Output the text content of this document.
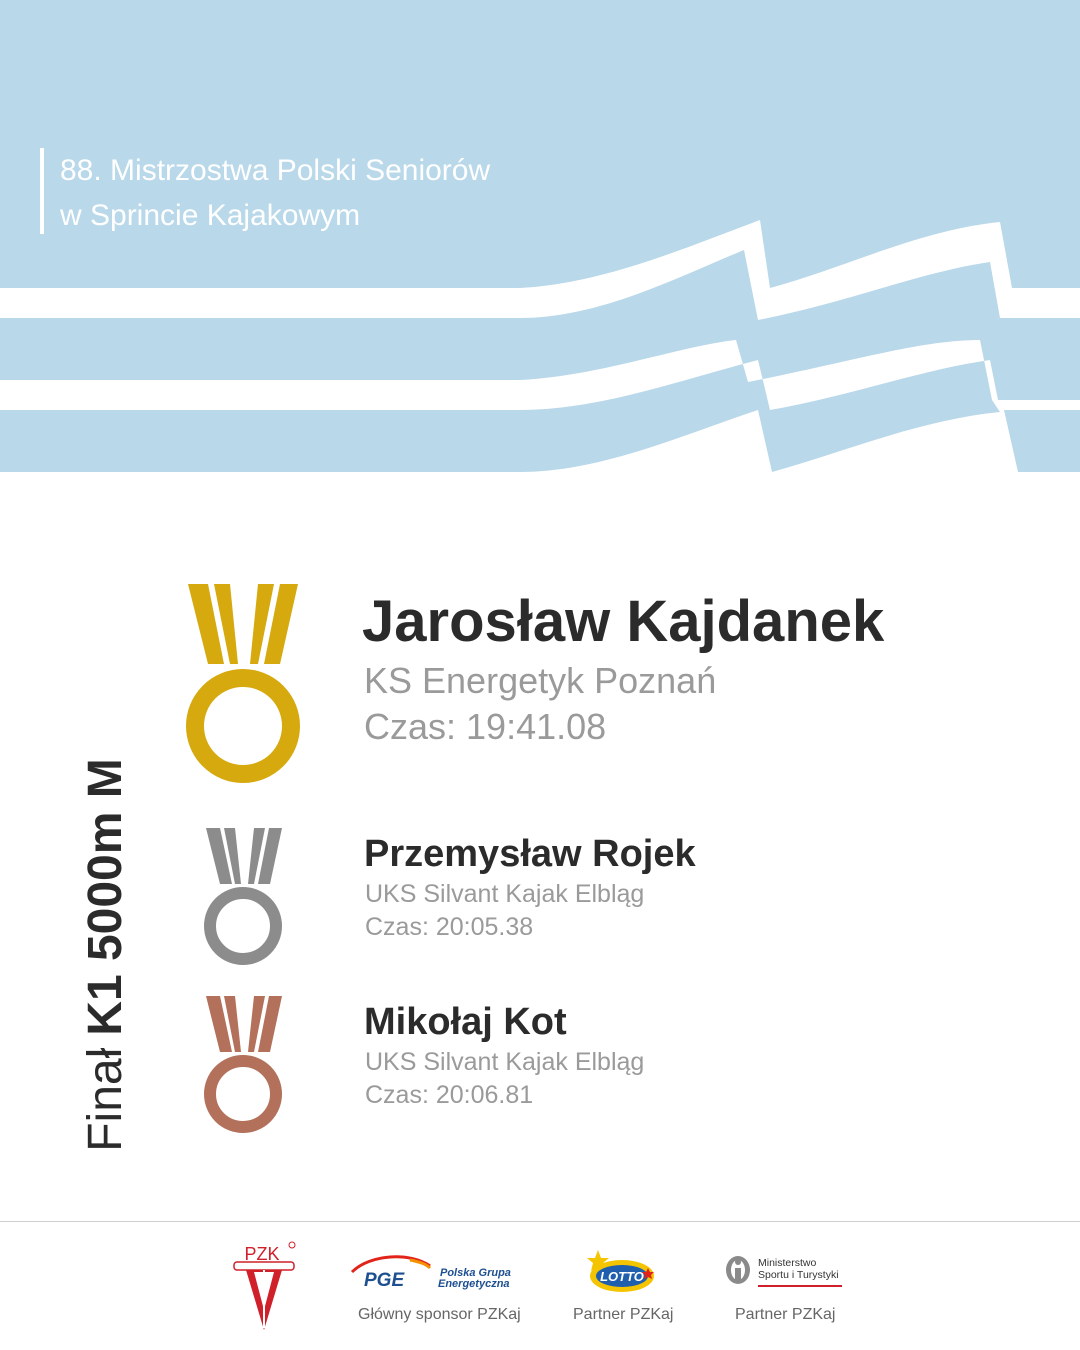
88. Mistrzostwa Polski Seniorów
w Sprincie Kajakowym
Finał
K1 5000m M
Jarosław Kajdanek
KS Energetyk Poznań
Czas: 19:41.08
Przemysław Rojek
UKS Silvant Kajak Elbląg
Czas: 20:05.38
Mikołaj Kot
UKS Silvant Kajak Elbląg
Czas: 20:06.81
PZK
PGE	Polska Grupa
Energetyczna
Główny sponsor PZKaj
LOTTO
Partner PZKaj
Ministerstwo
Sportu i Turystyki
Partner PZKaj
